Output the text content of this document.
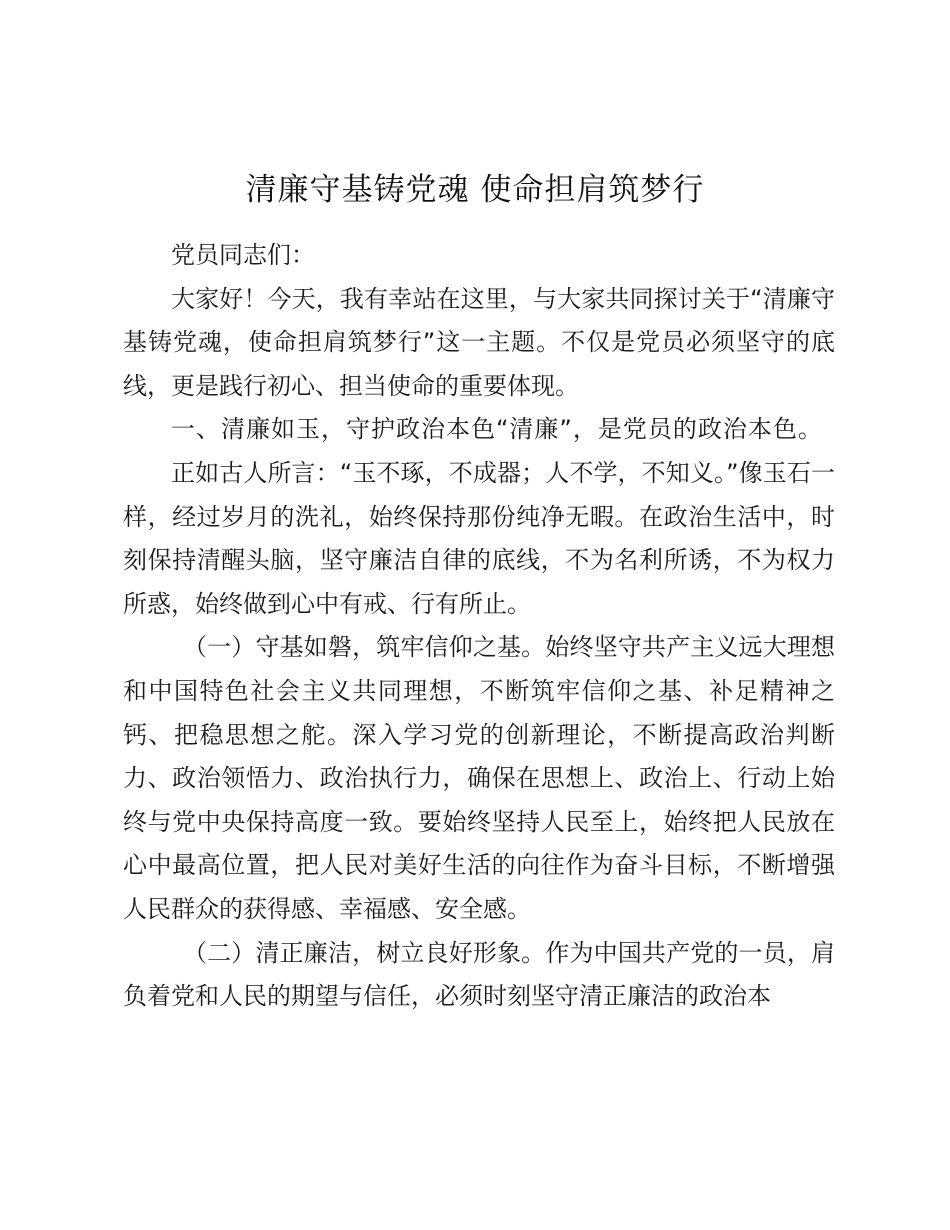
清廉守基铸党魂 使命担肩筑梦行

党员同志们：

大家好！今天，我有幸站在这里，与大家共同探讨关于“清廉守基铸党魂，使命担肩筑梦行”这一主题。不仅是党员必须坚守的底线，更是践行初心、担当使命的重要体现。

一、清廉如玉，守护政治本色“清廉”，是党员的政治本色。

正如古人所言：“玉不琢，不成器；人不学，不知义。”像玉石一样，经过岁月的洗礼，始终保持那份纯净无暇。在政治生活中，时刻保持清醒头脑，坚守廉洁自律的底线，不为名利所诱，不为权力所惑，始终做到心中有戒、行有所止。

（一）守基如磐，筑牢信仰之基。始终坚守共产主义远大理想和中国特色社会主义共同理想，不断筑牢信仰之基、补足精神之钙、把稳思想之舵。深入学习党的创新理论，不断提高政治判断力、政治领悟力、政治执行力，确保在思想上、政治上、行动上始终与党中央保持高度一致。要始终坚持人民至上，始终把人民放在心中最高位置，把人民对美好生活的向往作为奋斗目标，不断增强人民群众的获得感、幸福感、安全感。

（二）清正廉洁，树立良好形象。作为中国共产党的一员，肩负着党和人民的期望与信任，必须时刻坚守清正廉洁的政治本
